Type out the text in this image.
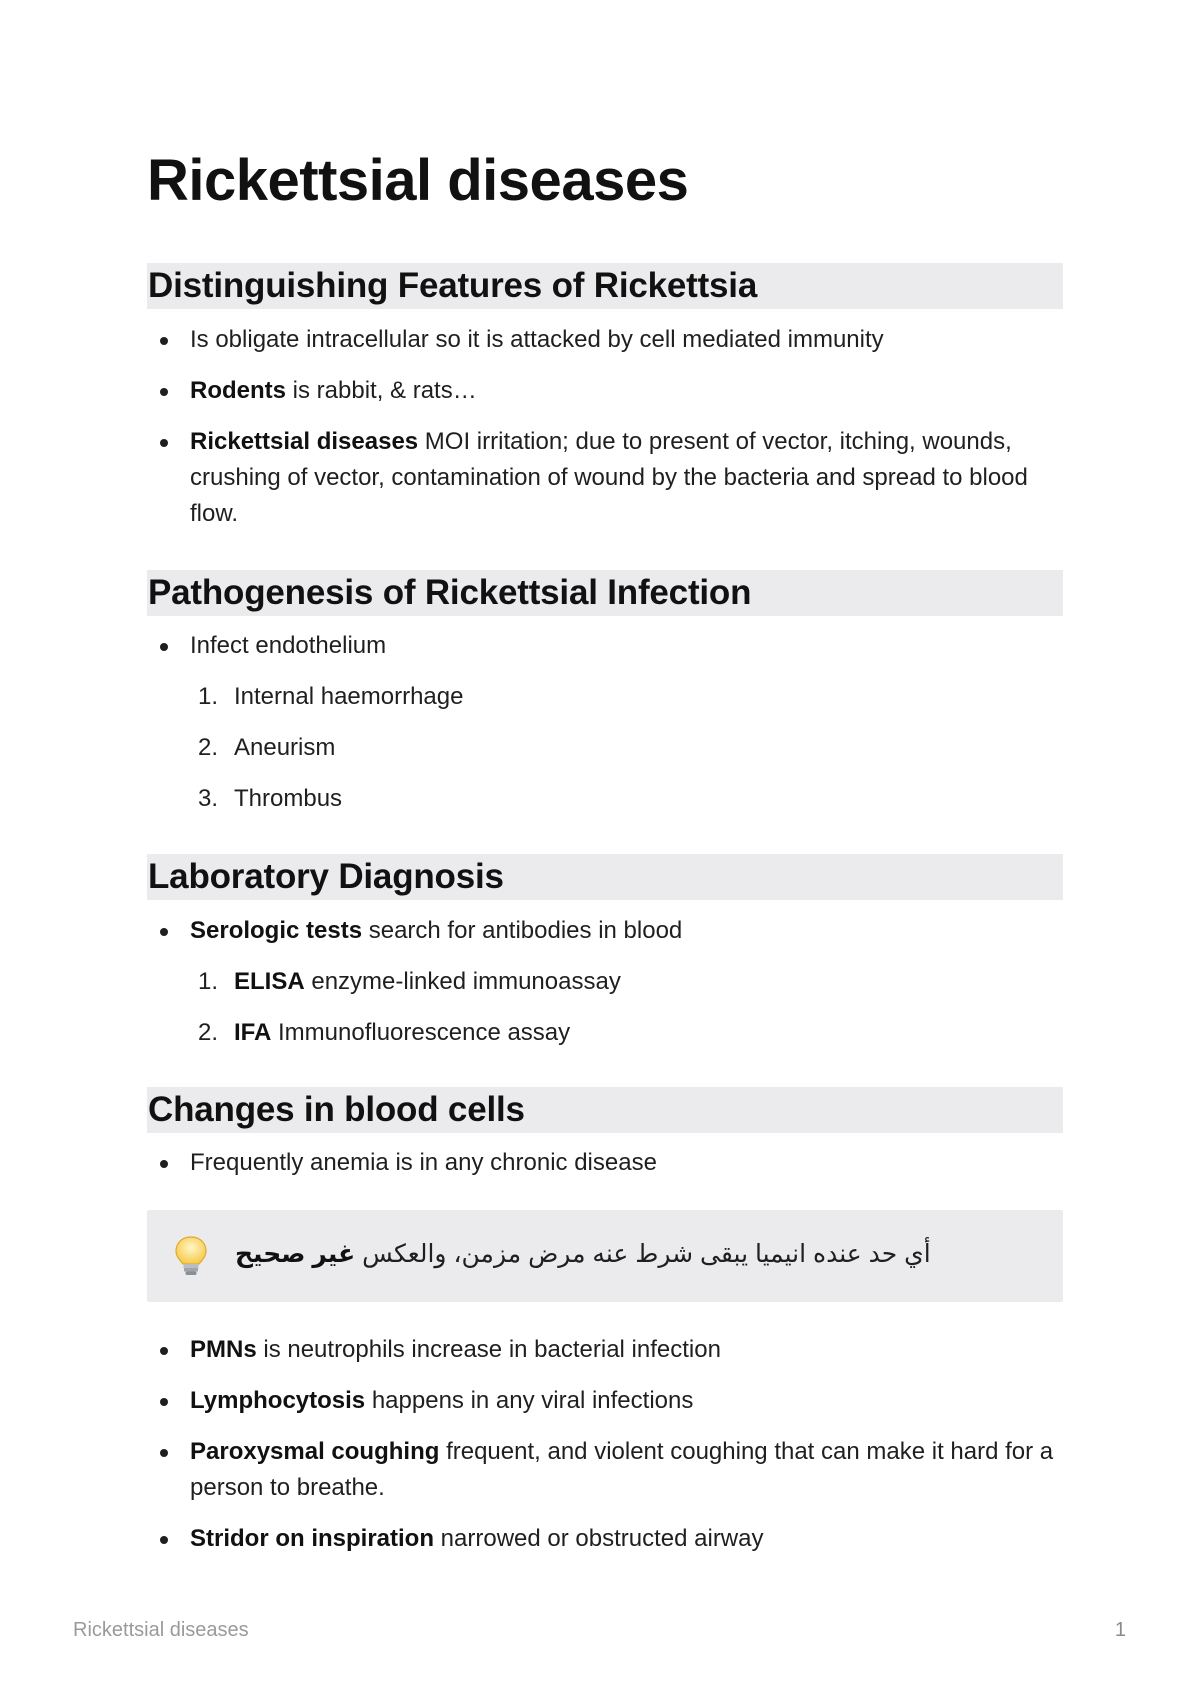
Rickettsial diseases
Distinguishing Features of Rickettsia
Is obligate intracellular so it is attacked by cell mediated immunity
Rodents is rabbit, & rats…
Rickettsial diseases MOI irritation; due to present of vector, itching, wounds, crushing of vector, contamination of wound by the bacteria and spread to blood flow.
Pathogenesis of Rickettsial Infection
Infect endothelium
1. Internal haemorrhage
2. Aneurism
3. Thrombus
Laboratory Diagnosis
Serologic tests search for antibodies in blood
1. ELISA enzyme-linked immunoassay
2. IFA Immunofluorescence assay
Changes in blood cells
Frequently anemia is in any chronic disease
أي حد عنده انيميا يبقى شرط عنه مرض مزمن، والعكس غير صحيح
PMNs is neutrophils increase in bacterial infection
Lymphocytosis happens in any viral infections
Paroxysmal coughing frequent, and violent coughing that can make it hard for a person to breathe.
Stridor on inspiration narrowed or obstructed airway
Rickettsial diseases	1
